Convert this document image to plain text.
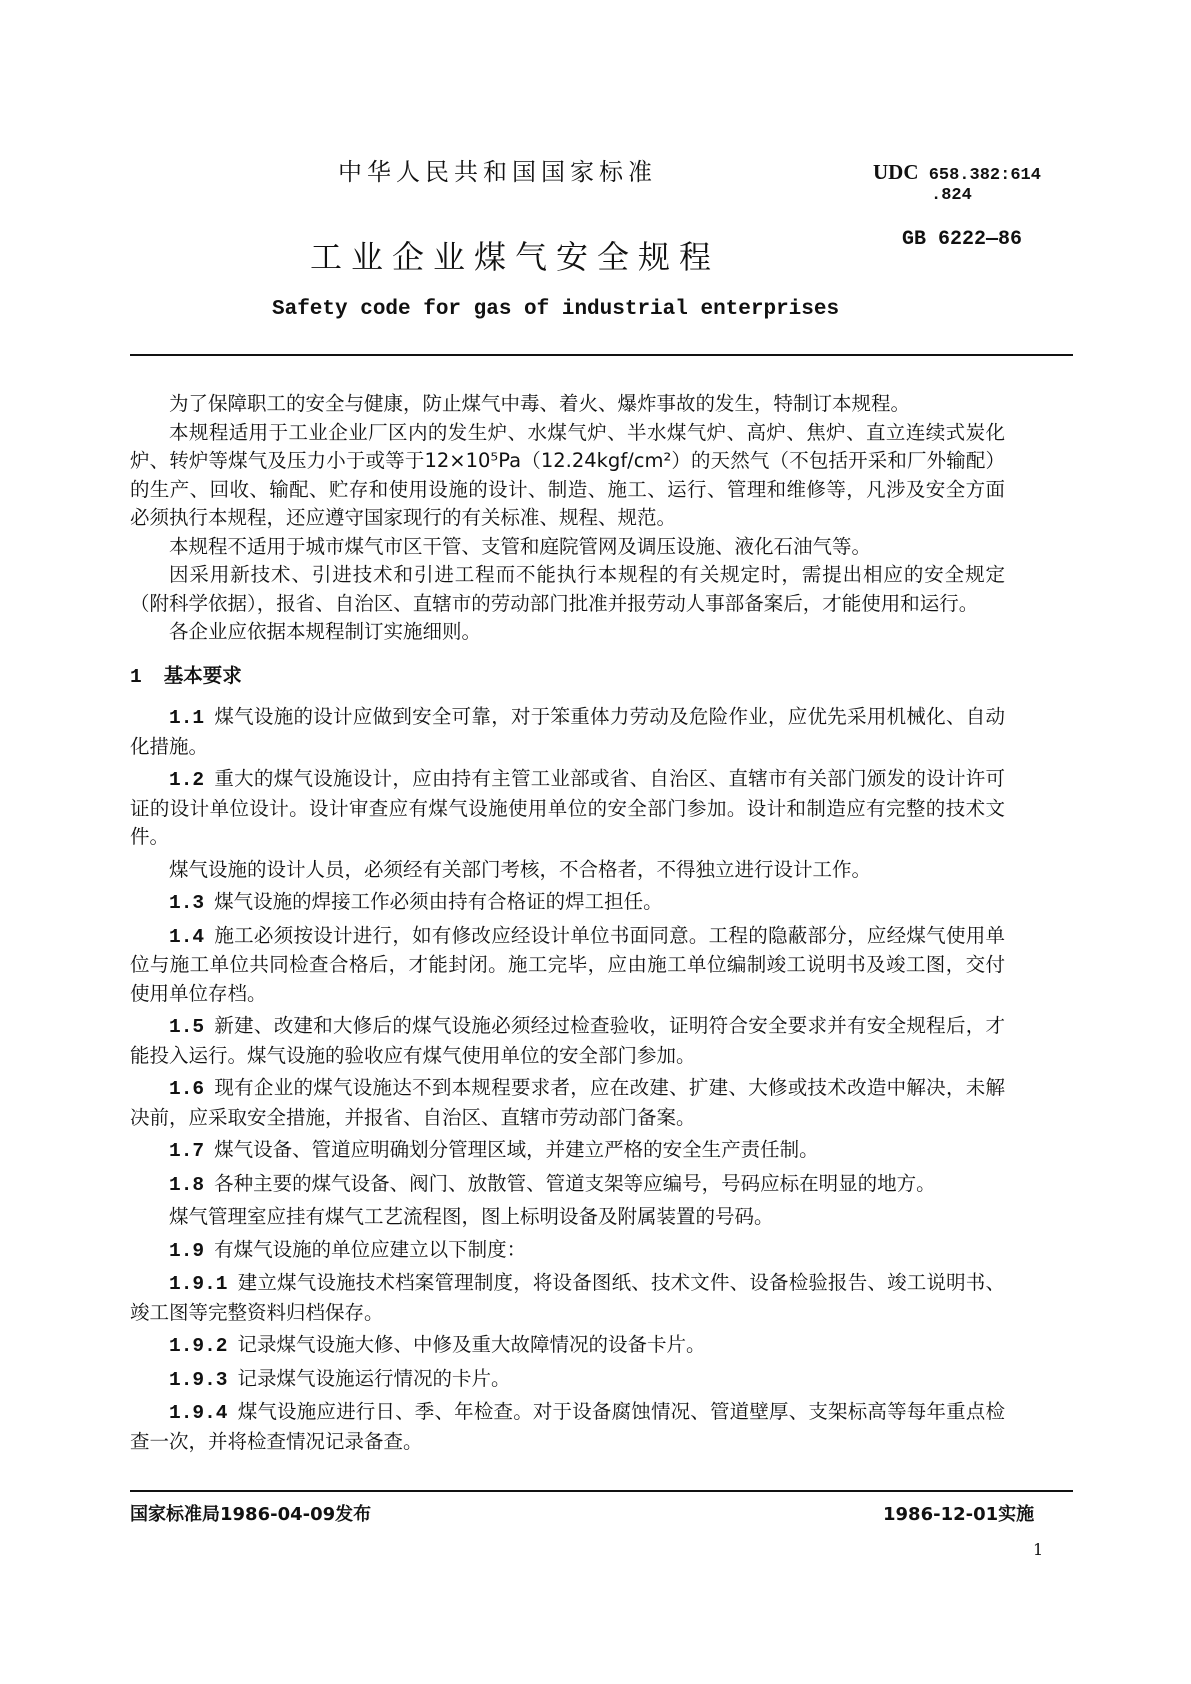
中华人民共和国国家标准	UDC 658.382:614
.824
GB 6222—86
工业企业煤气安全规程
Safety code for gas of industrial enterprises

为了保障职工的安全与健康，防止煤气中毒、着火、爆炸事故的发生，特制订本规程。

本规程适用于工业企业厂区内的发生炉、水煤气炉、半水煤气炉、高炉、焦炉、直立连续式炭化炉、转炉等煤气及压力小于或等于12×10⁵Pa（12.24kgf/cm²）的天然气（不包括开采和厂外输配）的生产、回收、输配、贮存和使用设施的设计、制造、施工、运行、管理和维修等，凡涉及安全方面必须执行本规程，还应遵守国家现行的有关标准、规程、规范。

本规程不适用于城市煤气市区干管、支管和庭院管网及调压设施、液化石油气等。

因采用新技术、引进技术和引进工程而不能执行本规程的有关规定时，需提出相应的安全规定（附科学依据），报省、自治区、直辖市的劳动部门批准并报劳动人事部备案后，才能使用和运行。

各企业应依据本规程制订实施细则。

1 基本要求

1.1 煤气设施的设计应做到安全可靠，对于笨重体力劳动及危险作业，应优先采用机械化、自动化措施。

1.2 重大的煤气设施设计，应由持有主管工业部或省、自治区、直辖市有关部门颁发的设计许可证的设计单位设计。设计审查应有煤气设施使用单位的安全部门参加。设计和制造应有完整的技术文件。

煤气设施的设计人员，必须经有关部门考核，不合格者，不得独立进行设计工作。

1.3 煤气设施的焊接工作必须由持有合格证的焊工担任。

1.4 施工必须按设计进行，如有修改应经设计单位书面同意。工程的隐蔽部分，应经煤气使用单位与施工单位共同检查合格后，才能封闭。施工完毕，应由施工单位编制竣工说明书及竣工图，交付使用单位存档。

1.5 新建、改建和大修后的煤气设施必须经过检查验收，证明符合安全要求并有安全规程后，才能投入运行。煤气设施的验收应有煤气使用单位的安全部门参加。

1.6 现有企业的煤气设施达不到本规程要求者，应在改建、扩建、大修或技术改造中解决，未解决前，应采取安全措施，并报省、自治区、直辖市劳动部门备案。

1.7 煤气设备、管道应明确划分管理区域，并建立严格的安全生产责任制。

1.8 各种主要的煤气设备、阀门、放散管、管道支架等应编号，号码应标在明显的地方。

煤气管理室应挂有煤气工艺流程图，图上标明设备及附属装置的号码。

1.9 有煤气设施的单位应建立以下制度：

1.9.1 建立煤气设施技术档案管理制度，将设备图纸、技术文件、设备检验报告、竣工说明书、竣工图等完整资料归档保存。

1.9.2 记录煤气设施大修、中修及重大故障情况的设备卡片。

1.9.3 记录煤气设施运行情况的卡片。

1.9.4 煤气设施应进行日、季、年检查。对于设备腐蚀情况、管道壁厚、支架标高等每年重点检查一次，并将检查情况记录备查。

国家标准局1986-04-09发布	1986-12-01实施
1
